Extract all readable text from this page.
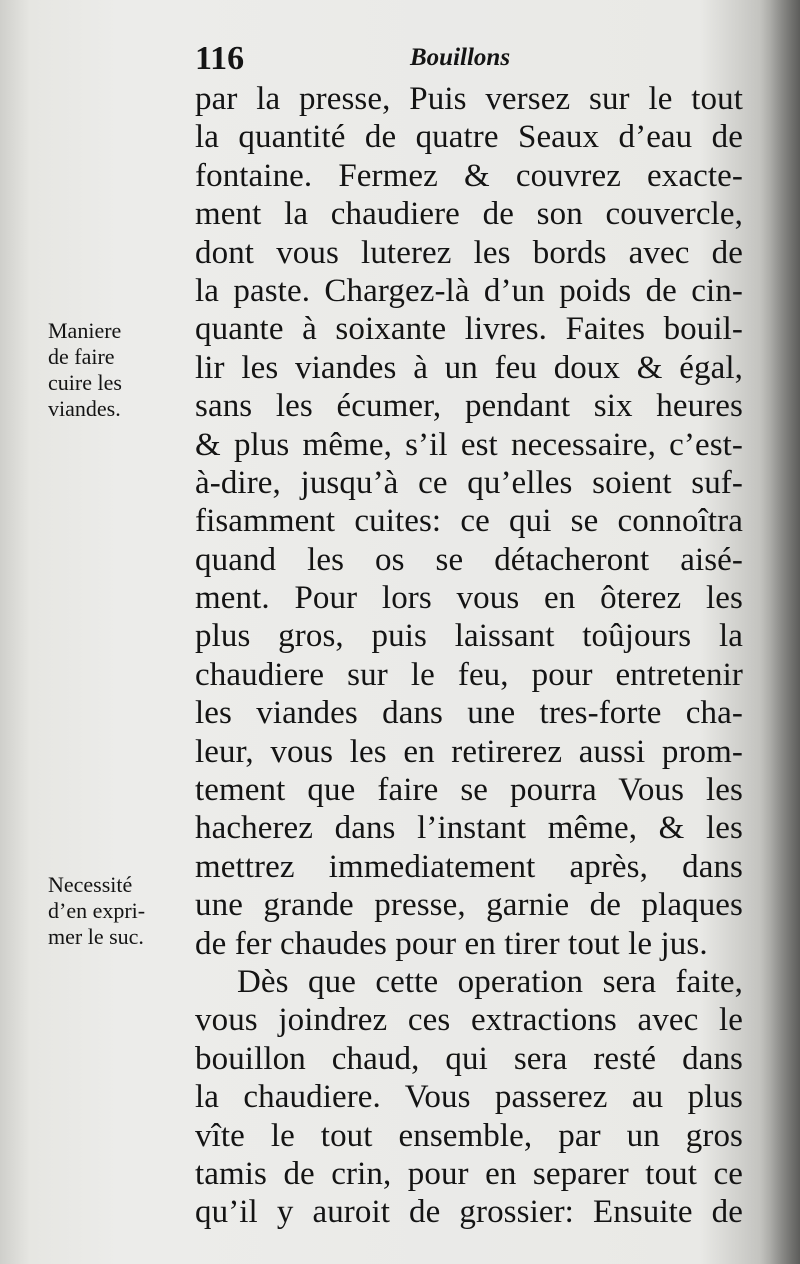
116	Bouillons
par la presse, Puis versez sur le tout
la quantité de quatre Seaux d’eau de
fontaine. Fermez & couvrez exacte-
ment la chaudiere de son couvercle,
dont vous luterez les bords avec de
la paste. Chargez-là d’un poids de cin-
quante à soixante livres. Faites bouil-
lir les viandes à un feu doux & égal,
sans les écumer, pendant six heures
& plus même, s’il est necessaire, c’est-
à-dire, jusqu’à ce qu’elles soient suf-
fisamment cuites: ce qui se connoîtra
quand les os se détacheront aisé-
ment. Pour lors vous en ôterez les
plus gros, puis laissant toûjours la
chaudiere sur le feu, pour entretenir
les viandes dans une tres-forte cha-
leur, vous les en retirerez aussi prom-
tement que faire se pourra Vous les
hacherez dans l’instant même, & les
mettrez immediatement après, dans
une grande presse, garnie de plaques
de fer chaudes pour en tirer tout le jus.
Dès que cette operation sera faite,
vous joindrez ces extractions avec le
bouillon chaud, qui sera resté dans
la chaudiere. Vous passerez au plus
vîte le tout ensemble, par un gros
tamis de crin, pour en separer tout ce
qu’il y auroit de grossier: Ensuite de
Maniere
de faire
cuire les
viandes.
Necessité
d’en expri-
mer le suc.
